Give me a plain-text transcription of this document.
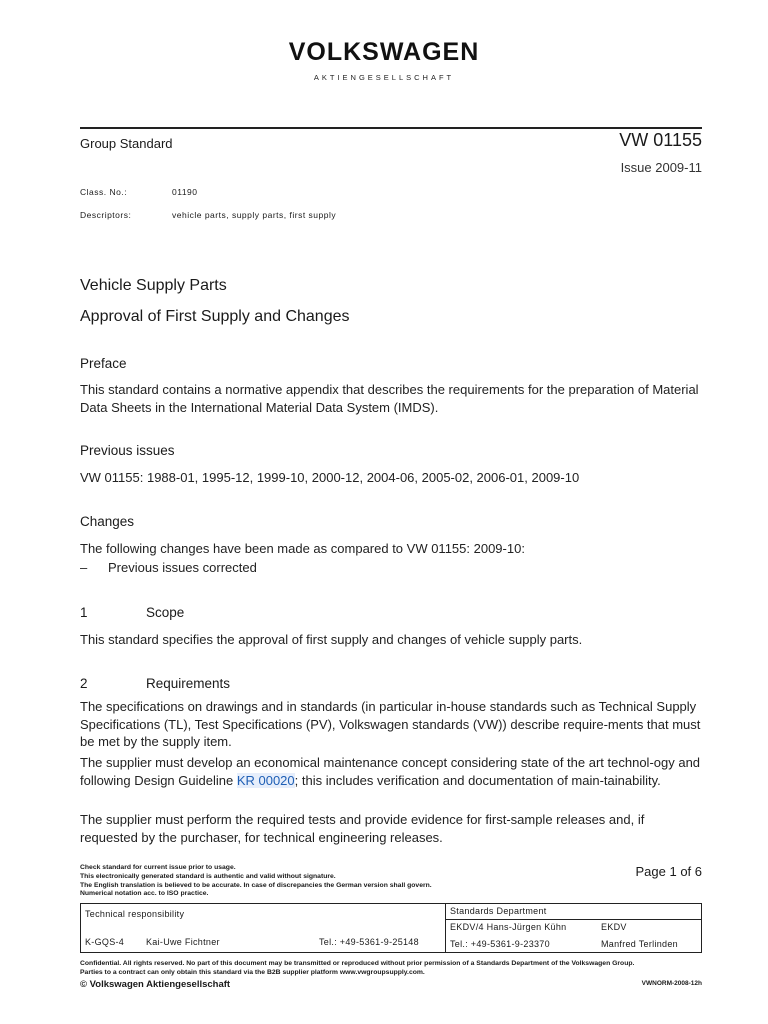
VOLKSWAGEN
AKTIENGESELLSCHAFT
Group Standard	VW 01155
Issue 2009-11
Class. No.:	01190
Descriptors:	vehicle parts, supply parts, first supply
Vehicle Supply Parts
Approval of First Supply and Changes
Preface
This standard contains a normative appendix that describes the requirements for the preparation of Material Data Sheets in the International Material Data System (IMDS).
Previous issues
VW 01155: 1988-01, 1995-12, 1999-10, 2000-12, 2004-06, 2005-02, 2006-01, 2009-10
Changes
The following changes have been made as compared to VW 01155: 2009-10:
– Previous issues corrected
1	Scope
This standard specifies the approval of first supply and changes of vehicle supply parts.
2	Requirements
The specifications on drawings and in standards (in particular in-house standards such as Technical Supply Specifications (TL), Test Specifications (PV), Volkswagen standards (VW)) describe require-ments that must be met by the supply item.
The supplier must develop an economical maintenance concept considering state of the art technol-ogy and following Design Guideline KR 00020; this includes verification and documentation of main-tainability.
The supplier must perform the required tests and provide evidence for first-sample releases and, if requested by the purchaser, for technical engineering releases.
Check standard for current issue prior to usage.
This electronically generated standard is authentic and valid without signature.
The English translation is believed to be accurate. In case of discrepancies the German version shall govern.
Numerical notation acc. to ISO practice.
Page 1 of 6
Technical responsibility
K-GQS-4 Kai-Uwe Fichtner	Tel.: +49-5361-9-25148
Standards Department
EKDV/4 Hans-Jürgen Kühn	EKDV
Tel.: +49-5361-9-23370	Manfred Terlinden
Confidential. All rights reserved. No part of this document may be transmitted or reproduced without prior permission of a Standards Department of the Volkswagen Group.
Parties to a contract can only obtain this standard via the B2B supplier platform www.vwgroupsupply.com.
© Volkswagen Aktiengesellschaft	VWNORM-2008-12h
